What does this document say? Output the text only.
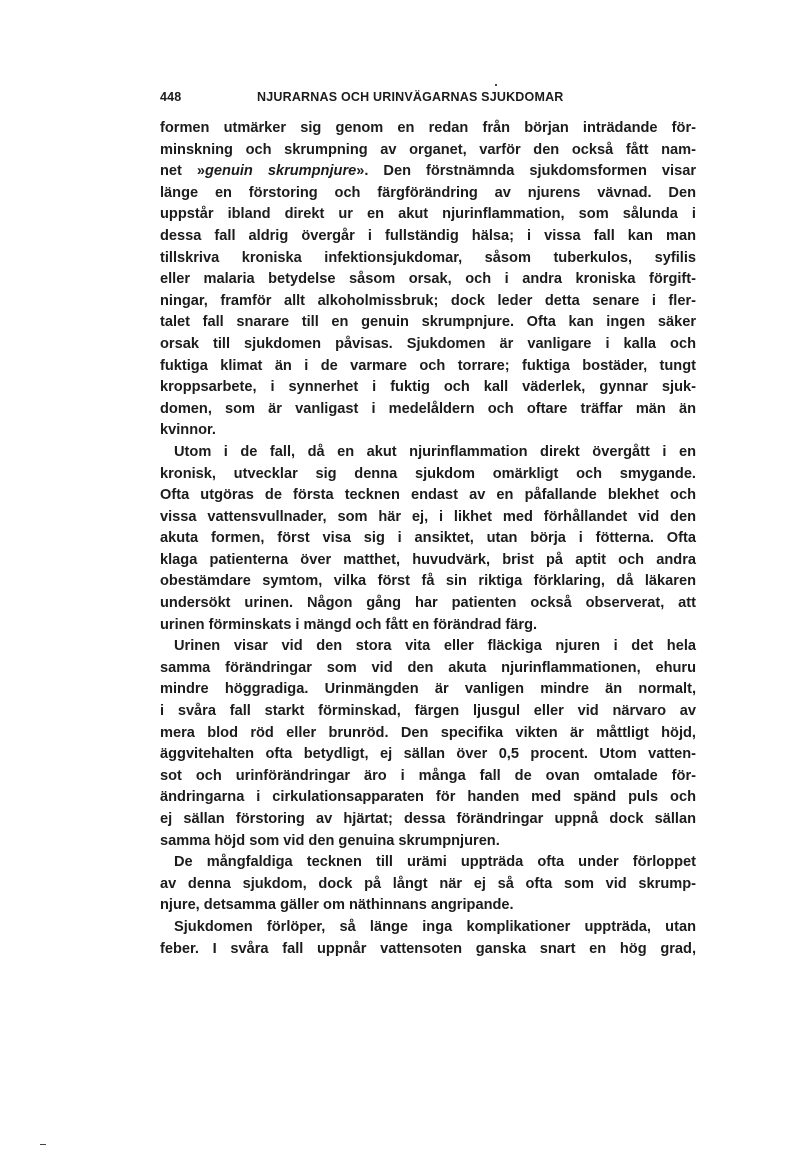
448	NJURARNAS OCH URINVÄGARNAS SJUKDOMAR
formen utmärker sig genom en redan från början inträdande för-
minskning och skrumpning av organet, varför den också fått nam-
net »genuin skrumpnjure». Den förstnämnda sjukdomsformen visar
länge en förstoring och färgförändring av njurens vävnad. Den
uppstår ibland direkt ur en akut njurinflammation, som sålunda i
dessa fall aldrig övergår i fullständig hälsa; i vissa fall kan man
tillskriva kroniska infektionsjukdomar, såsom tuberkulos, syfilis
eller malaria betydelse såsom orsak, och i andra kroniska förgift-
ningar, framför allt alkoholmissbruk; dock leder detta senare i fler-
talet fall snarare till en genuin skrumpnjure. Ofta kan ingen säker
orsak till sjukdomen påvisas. Sjukdomen är vanligare i kalla och
fuktiga klimat än i de varmare och torrare; fuktiga bostäder, tungt
kroppsarbete, i synnerhet i fuktig och kall väderlek, gynnar sjuk-
domen, som är vanligast i medelåldern och oftare träffar män än
kvinnor.
Utom i de fall, då en akut njurinflammation direkt övergått i en
kronisk, utvecklar sig denna sjukdom omärkligt och smygande.
Ofta utgöras de första tecknen endast av en påfallande blekhet och
vissa vattensvullnader, som här ej, i likhet med förhållandet vid den
akuta formen, först visa sig i ansiktet, utan börja i fötterna. Ofta
klaga patienterna över matthet, huvudvärk, brist på aptit och andra
obestämdare symtom, vilka först få sin riktiga förklaring, då läkaren
undersökt urinen. Någon gång har patienten också observerat, att
urinen förminskats i mängd och fått en förändrad färg.
Urinen visar vid den stora vita eller fläckiga njuren i det hela
samma förändringar som vid den akuta njurinflammationen, ehuru
mindre höggradiga. Urinmängden är vanligen mindre än normalt,
i svåra fall starkt förminskad, färgen ljusgul eller vid närvaro av
mera blod röd eller brunröd. Den specifika vikten är måttligt höjd,
äggvitehalten ofta betydligt, ej sällan över 0,5 procent. Utom vatten-
sot och urinförändringar äro i många fall de ovan omtalade för-
ändringarna i cirkulationsapparaten för handen med spänd puls och
ej sällan förstoring av hjärtat; dessa förändringar uppnå dock sällan
samma höjd som vid den genuina skrumpnjuren.
De mångfaldiga tecknen till urämi uppträda ofta under förloppet
av denna sjukdom, dock på långt när ej så ofta som vid skrump-
njure, detsamma gäller om näthinnans angripande.
Sjukdomen förlöper, så länge inga komplikationer uppträda, utan
feber. I svåra fall uppnår vattensoten ganska snart en hög grad,
